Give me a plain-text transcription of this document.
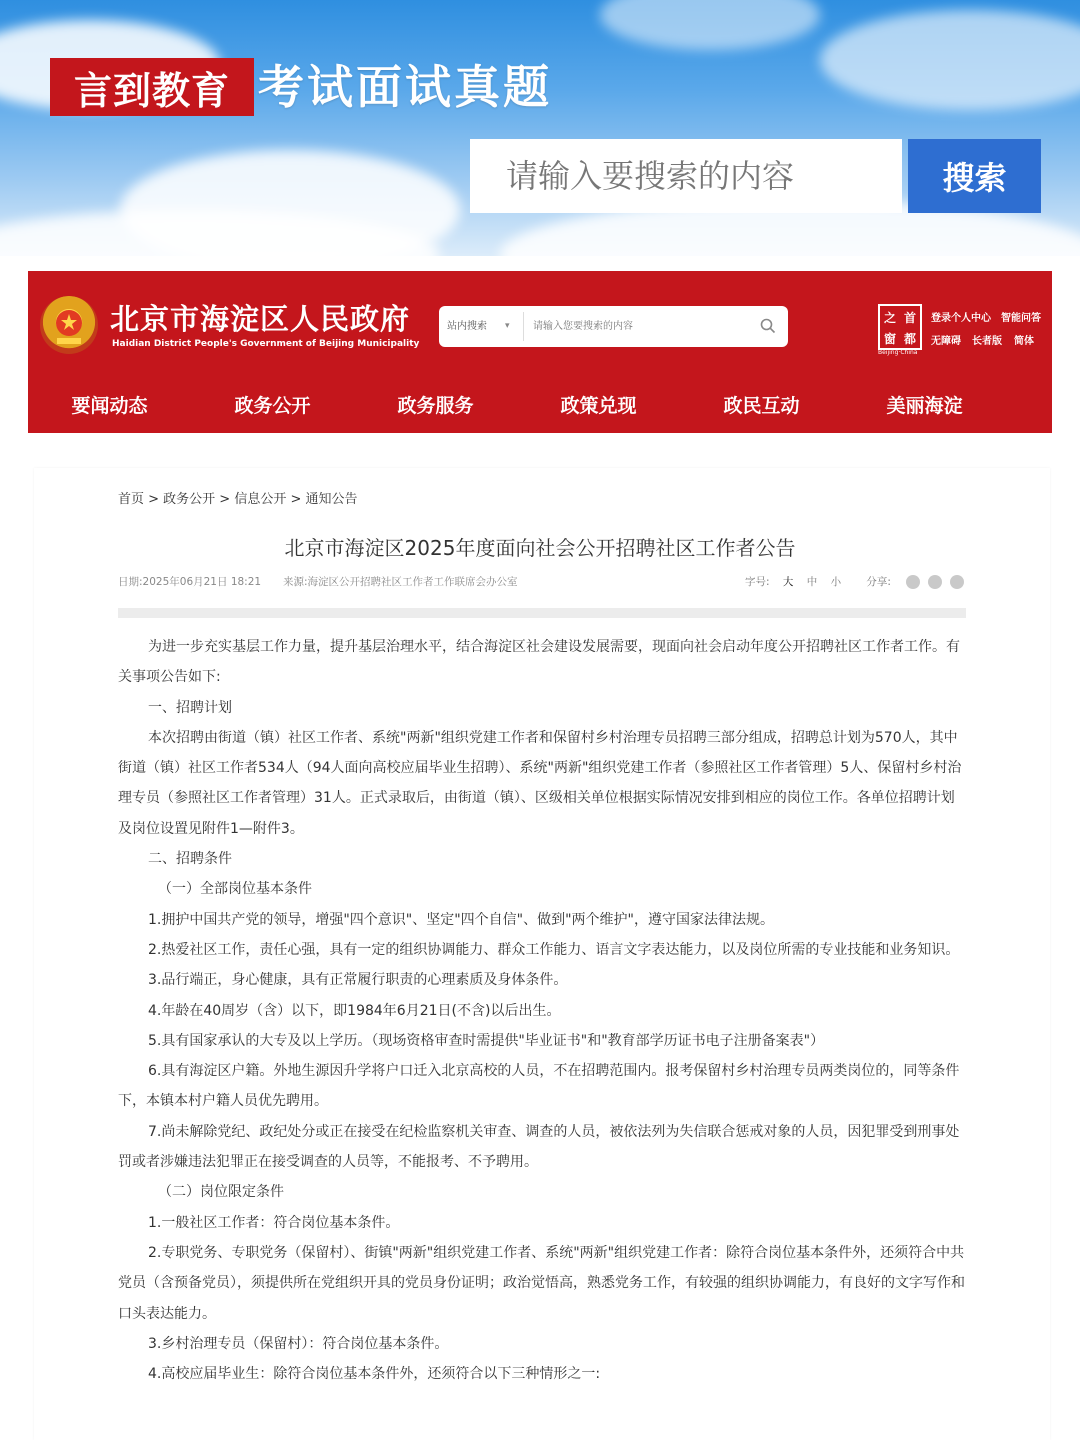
言到教育 考试面试真题
请输入要搜索的内容	搜索
北京市海淀区人民政府
Haidian District People's Government of Beijing Municipality
站内搜索 ▾ 请输入您要搜索的内容
之 首
窗 都
Beijing·China
登录个人中心 智能问答
无障碍 长者版 简体
要闻动态	政务公开	政务服务	政策兑现	政民互动	美丽海淀
首页 > 政务公开 > 信息公开 > 通知公告
北京市海淀区2025年度面向社会公开招聘社区工作者公告
日期:2025年06月21日 18:21 来源:海淀区公开招聘社区工作者工作联席会办公室	字号: 大 中 小 分享:

为进一步充实基层工作力量，提升基层治理水平，结合海淀区社会建设发展需要，现面向社会启动年度公开招聘社区工作者工作。有关事项公告如下:

一、招聘计划

本次招聘由街道（镇）社区工作者、系统"两新"组织党建工作者和保留村乡村治理专员招聘三部分组成，招聘总计划为570人，其中街道（镇）社区工作者534人（94人面向高校应届毕业生招聘）、系统"两新"组织党建工作者（参照社区工作者管理）5人、保留村乡村治理专员（参照社区工作者管理）31人。正式录取后，由街道（镇）、区级相关单位根据实际情况安排到相应的岗位工作。各单位招聘计划及岗位设置见附件1—附件3。

二、招聘条件

（一）全部岗位基本条件

1.拥护中国共产党的领导，增强"四个意识"、坚定"四个自信"、做到"两个维护"，遵守国家法律法规。

2.热爱社区工作，责任心强，具有一定的组织协调能力、群众工作能力、语言文字表达能力，以及岗位所需的专业技能和业务知识。

3.品行端正，身心健康，具有正常履行职责的心理素质及身体条件。

4.年龄在40周岁（含）以下，即1984年6月21日(不含)以后出生。

5.具有国家承认的大专及以上学历。（现场资格审查时需提供"毕业证书"和"教育部学历证书电子注册备案表"）

6.具有海淀区户籍。外地生源因升学将户口迁入北京高校的人员，不在招聘范围内。报考保留村乡村治理专员两类岗位的，同等条件下，本镇本村户籍人员优先聘用。

7.尚未解除党纪、政纪处分或正在接受在纪检监察机关审查、调查的人员，被依法列为失信联合惩戒对象的人员，因犯罪受到刑事处罚或者涉嫌违法犯罪正在接受调查的人员等，不能报考、不予聘用。

（二）岗位限定条件

1.一般社区工作者：符合岗位基本条件。

2.专职党务、专职党务（保留村）、街镇"两新"组织党建工作者、系统"两新"组织党建工作者：除符合岗位基本条件外，还须符合中共党员（含预备党员），须提供所在党组织开具的党员身份证明；政治觉悟高，熟悉党务工作，有较强的组织协调能力，有良好的文字写作和口头表达能力。

3.乡村治理专员（保留村）：符合岗位基本条件。

4.高校应届毕业生：除符合岗位基本条件外，还须符合以下三种情形之一:
